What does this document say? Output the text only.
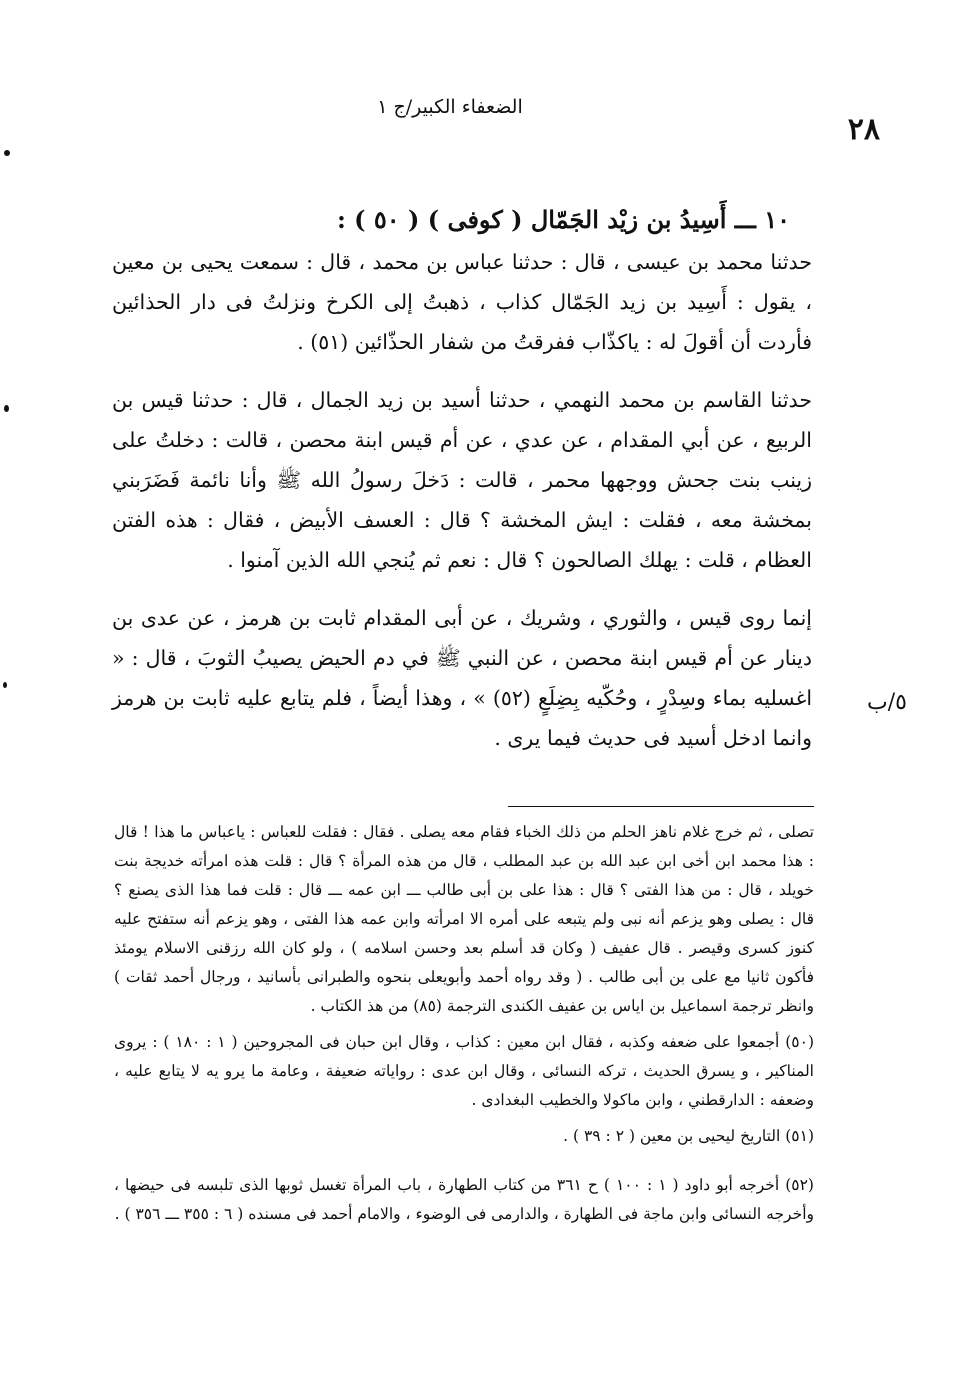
الضعفاء الكبير/ج ١
٢٨
٥/ب
١٠ ـــ أَسِيدُ بن زيْد الجَمّال ( كوفى ) ( ٥٠ ) :

حدثنا محمد بن عيسى ، قال : حدثنا عباس بن محمد ، قال : سمعت يحيى بن معين ، يقول : أَسِيد بن زيد الجَمّال كذاب ، ذهبتُ إلى الكرخ ونزلتُ فى دار الحذائين فأردت أن أقولَ له : ياكذّاب ففرقتُ من شفار الحذّائين (٥١) .

حدثنا القاسم بن محمد النهمي ، حدثنا أسيد بن زيد الجمال ، قال : حدثنا قيس بن الربيع ، عن أبي المقدام ، عن عدي ، عن أم قيس ابنة محصن ، قالت : دخلتُ على زينب بنت جحش ووجهها محمر ، قالت : دَخلَ رسولُ الله ﷺ وأنا نائمة فَضَرَبني بمخشة معه ، فقلت : ايش المخشة ؟ قال : العسف الأبيض ، فقال : هذه الفتن العظام ، قلت : يهلك الصالحون ؟ قال : نعم ثم يُنجي الله الذين آمنوا .

إنما روى قيس ، والثوري ، وشريك ، عن أبى المقدام ثابت بن هرمز ، عن عدى بن دينار عن أم قيس ابنة محصن ، عن النبي ﷺ في دم الحيض يصيبُ الثوبَ ، قال : « اغسليه بماء وسِدْرٍ ، وحُكّيه بِضِلَعٍ (٥٢) » ، وهذا أيضاً ، فلم يتابع عليه ثابت بن هرمز وانما ادخل أسيد فى حديث فيما يرى .

تصلى ، ثم خرج غلام ناهز الحلم من ذلك الخباء فقام معه يصلى . فقال : فقلت للعباس : ياعباس ما هذا ! قال : هذا محمد ابن أخى ابن عبد الله بن عبد المطلب ، قال من هذه المرأة ؟ قال : قلت هذه امرأته خديجة بنت خويلد ، قال : من هذا الفتى ؟ قال : هذا على بن أبى طالب ـــ ابن عمه ـــ قال : قلت فما هذا الذى يصنع ؟ قال : يصلى وهو يزعم أنه نبى ولم يتبعه على أمره الا امرأته وابن عمه هذا الفتى ، وهو يزعم أنه ستفتح عليه كنوز كسرى وقيصر . قال عفيف ( وكان قد أسلم بعد وحسن اسلامه ) ، ولو كان الله رزقنى الاسلام يومئذ فأكون ثانيا مع على بن أبى طالب . ( وقد رواه أحمد وأبويعلى بنحوه والطبرانى بأسانيد ، ورجال أحمد ثقات ) وانظر ترجمة اسماعيل بن اياس بن عفيف الكندى الترجمة (٨٥) من هذ الكتاب .

(٥٠) أجمعوا على ضعفه وكذبه ، فقال ابن معين : كذاب ، وقال ابن حبان فى المجروحين ( ١ : ١٨٠ ) : يروى المناكير ، و يسرق الحديث ، تركه النسائى ، وقال ابن عدى : رواياته ضعيفة ، وعامة ما يرو يه لا يتابع عليه ، وضعفه : الدارقطني ، وابن ماكولا والخطيب البغدادى .

(٥١) التاريخ ليحيى بن معين ( ٢ : ٣٩ ) .

(٥٢) أخرجه أبو داود ( ١ : ١٠٠ ) ح ٣٦١ من كتاب الطهارة ، باب المرأة تغسل ثوبها الذى تلبسه فى حيضها ، وأخرجه النسائى وابن ماجة فى الطهارة ، والدارمى فى الوضوء ، والامام أحمد فى مسنده ( ٦ : ٣٥٥ ـــ ٣٥٦ ) .
